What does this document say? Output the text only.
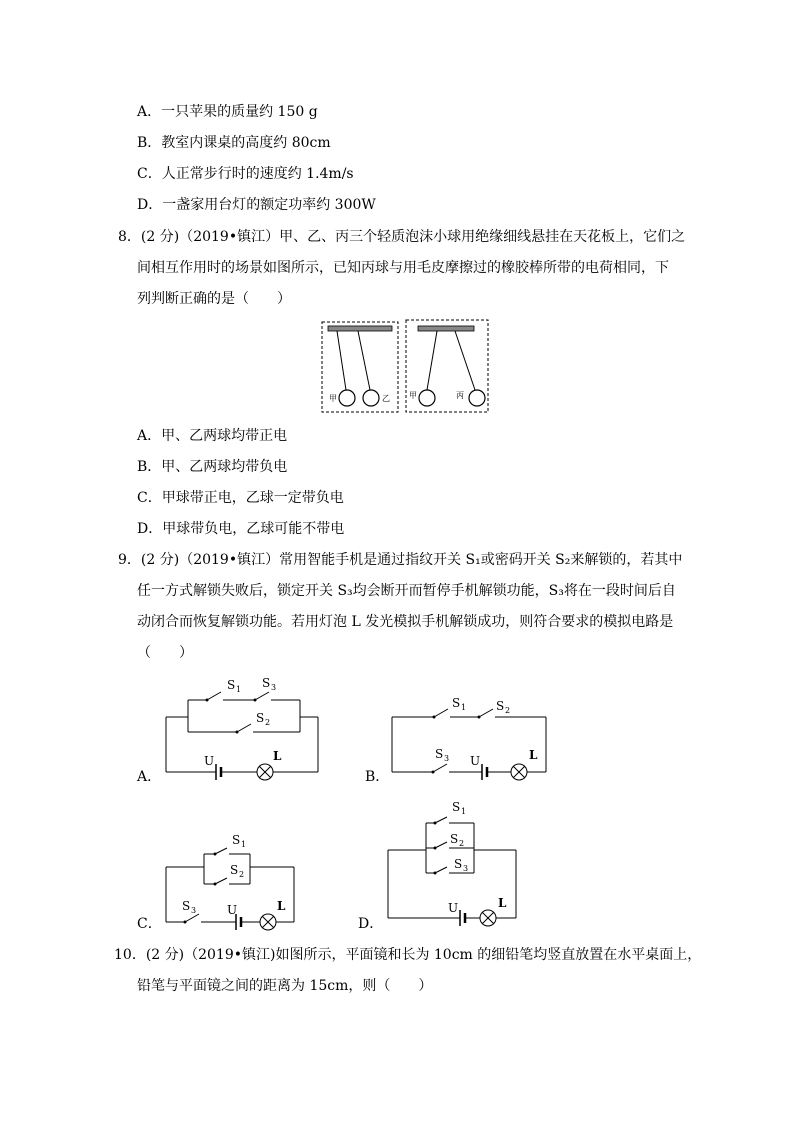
A．一只苹果的质量约 150 g
B．教室内课桌的高度约 80cm
C．人正常步行时的速度约 1.4m/s
D．一盏家用台灯的额定功率约 300W
8．(2 分)（2019•镇江）甲、乙、丙三个轻质泡沫小球用绝缘细线悬挂在天花板上，它们之
间相互作用时的场景如图所示，已知丙球与用毛皮摩擦过的橡胶棒所带的电荷相同，下
列判断正确的是（　　）
甲	乙 甲	丙
A．甲、乙两球均带正电
B．甲、乙两球均带负电
C．甲球带正电，乙球一定带负电
D．甲球带负电，乙球可能不带电
9．(2 分)（2019•镇江）常用智能手机是通过指纹开关 S₁或密码开关 S₂来解锁的，若其中
任一方式解锁失败后，锁定开关 S₃均会断开而暂停手机解锁功能，S₃将在一段时间后自
动闭合而恢复解锁功能。若用灯泡 L 发光模拟手机解锁成功，则符合要求的模拟电路是
（　　）
A．
S 1 S 3
S 2
U	L
B．
S 1 S 2
S 3 U	L
C．
S 1
S 2
S 3	U	L
D．
S 1
S 2
S 3
U	L
10．(2 分)（2019•镇江)如图所示，平面镜和长为 10cm 的细铅笔均竖直放置在水平桌面上，
铅笔与平面镜之间的距离为 15cm，则（　　）
